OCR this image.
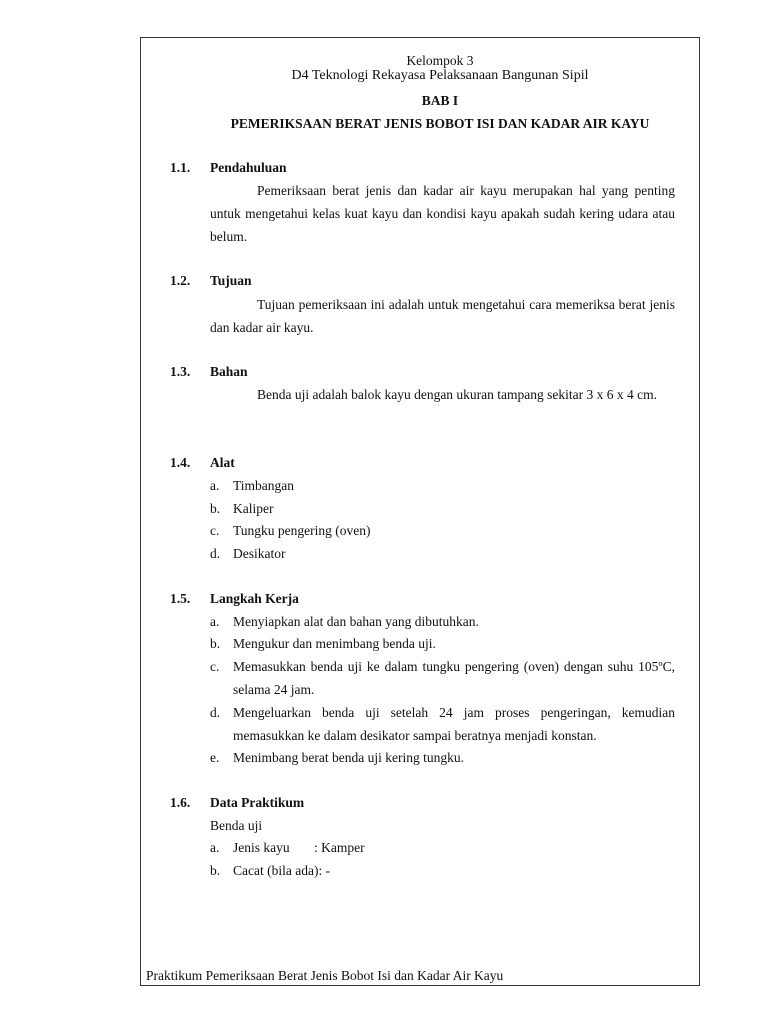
Kelompok 3
D4 Teknologi Rekayasa Pelaksanaan Bangunan Sipil
BAB I
PEMERIKSAAN BERAT JENIS BOBOT ISI DAN KADAR AIR KAYU
1.1.	Pendahuluan
Pemeriksaan berat jenis dan kadar air kayu merupakan hal yang penting untuk mengetahui kelas kuat kayu dan kondisi kayu apakah sudah kering udara atau belum.
1.2.	Tujuan
Tujuan pemeriksaan ini adalah untuk mengetahui cara memeriksa berat jenis dan kadar air kayu.
1.3.	Bahan
Benda uji adalah balok kayu dengan ukuran tampang sekitar 3 x 6 x 4 cm.
1.4.	Alat
a. Timbangan
b. Kaliper
c. Tungku pengering (oven)
d. Desikator
1.5.	Langkah Kerja
a. Menyiapkan alat dan bahan yang dibutuhkan.
b. Mengukur dan menimbang benda uji.
c. Memasukkan benda uji ke dalam tungku pengering (oven) dengan suhu 105ºC, selama 24 jam.
d. Mengeluarkan benda uji setelah 24 jam proses pengeringan, kemudian memasukkan ke dalam desikator sampai beratnya menjadi konstan.
e. Menimbang berat benda uji kering tungku.
1.6.	Data Praktikum
Benda uji
a. Jenis kayu : Kamper
b. Cacat (bila ada): -
Praktikum Pemeriksaan Berat Jenis Bobot Isi dan Kadar Air Kayu
